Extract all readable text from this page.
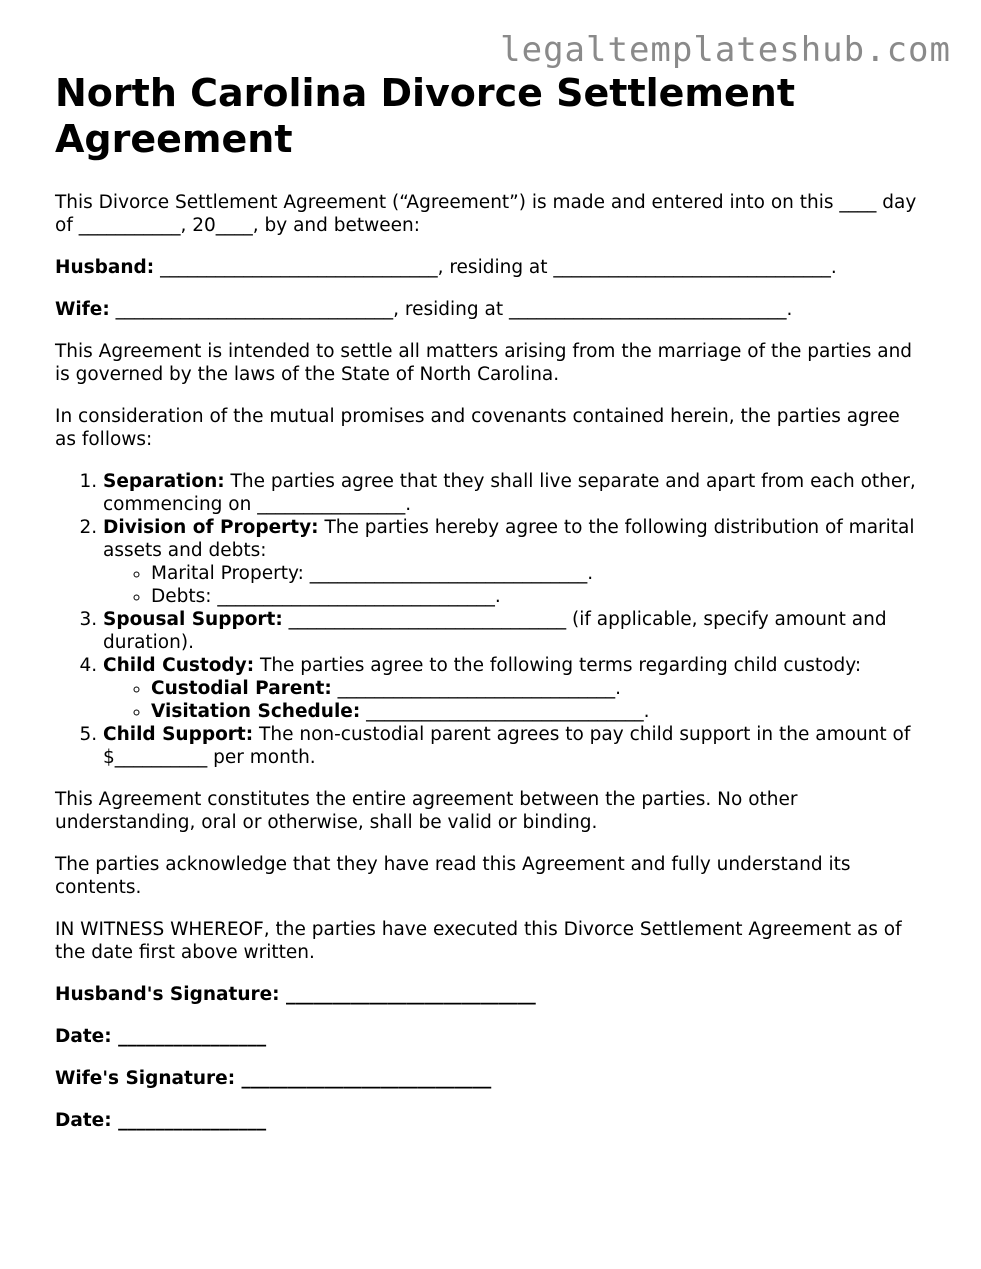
legaltemplateshub.com
North Carolina Divorce Settlement Agreement

This Divorce Settlement Agreement (“Agreement”) is made and entered into on this ____ day of ___________, 20____, by and between:

Husband: ______________________________, residing at ______________________________.

Wife: ______________________________, residing at ______________________________.

This Agreement is intended to settle all matters arising from the marriage of the parties and is governed by the laws of the State of North Carolina.

In consideration of the mutual promises and covenants contained herein, the parties agree as follows:

1. Separation: The parties agree that they shall live separate and apart from each other, commencing on ________________.
2. Division of Property: The parties hereby agree to the following distribution of marital assets and debts:
◦ Marital Property: ______________________________.
◦ Debts: ______________________________.
3. Spousal Support: ______________________________ (if applicable, specify amount and duration).
4. Child Custody: The parties agree to the following terms regarding child custody:
◦ Custodial Parent: ______________________________.
◦ Visitation Schedule: ______________________________.
5. Child Support: The non-custodial parent agrees to pay child support in the amount of $__________ per month.

This Agreement constitutes the entire agreement between the parties. No other understanding, oral or otherwise, shall be valid or binding.

The parties acknowledge that they have read this Agreement and fully understand its contents.

IN WITNESS WHEREOF, the parties have executed this Divorce Settlement Agreement as of the date first above written.

Husband's Signature: ___________________________

Date: ________________

Wife's Signature: ___________________________

Date: ________________
